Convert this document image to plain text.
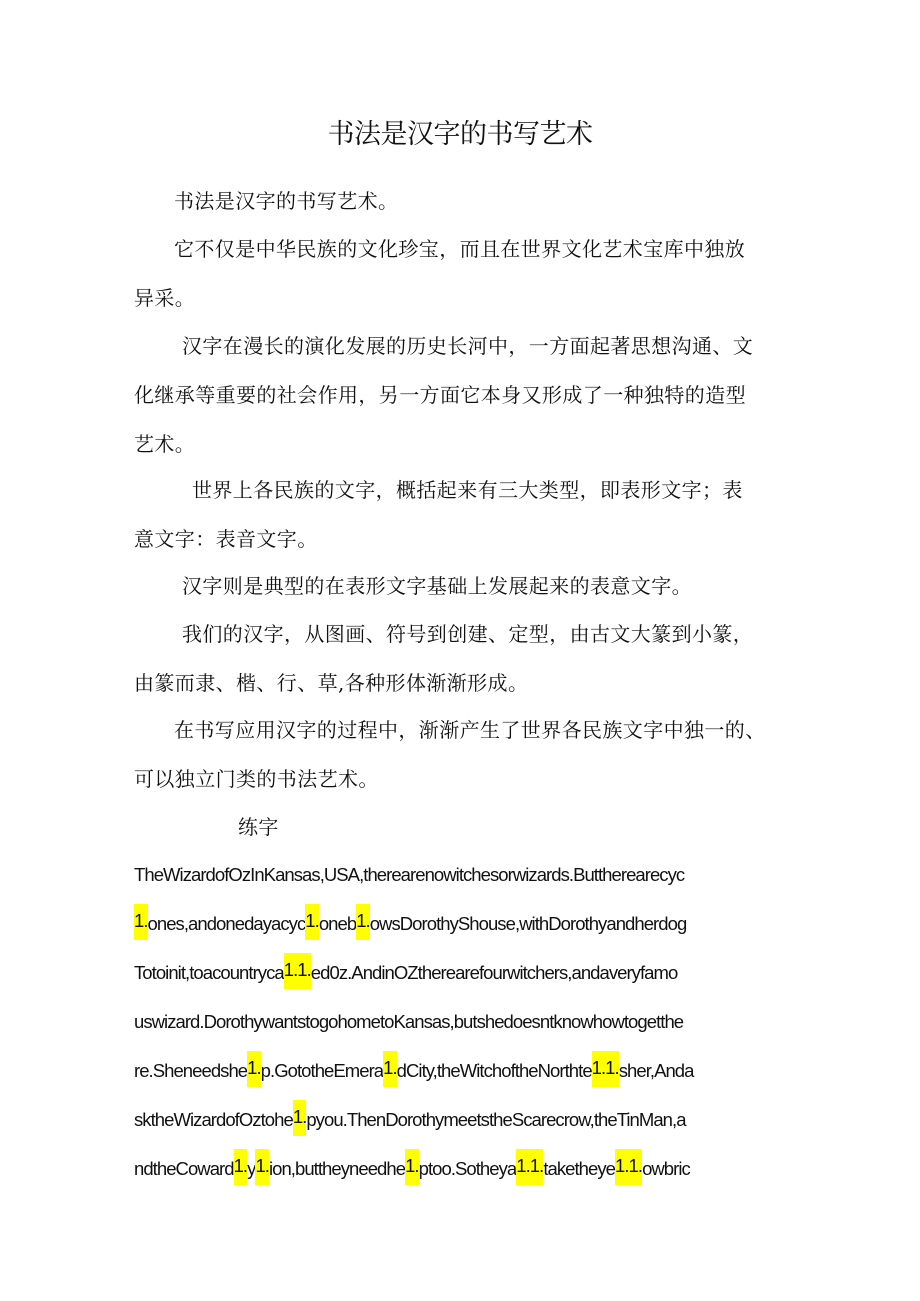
书法是汉字的书写艺术
书法是汉字的书写艺术。
它不仅是中华民族的文化珍宝，而且在世界文化艺术宝库中独放
异采。
汉字在漫长的演化发展的历史长河中，一方面起著思想沟通、文
化继承等重要的社会作用，另一方面它本身又形成了一种独特的造型
艺术。
世界上各民族的文字，概括起来有三大类型，即表形文字；表
意文字：表音文字。
汉字则是典型的在表形文字基础上发展起来的表意文字。
我们的汉字，从图画、符号到创建、定型，由古文大篆到小篆，
由篆而隶、楷、行、草,各种形体渐渐形成。
在书写应用汉字的过程中，渐渐产生了世界各民族文字中独一的、
可以独立门类的书法艺术。
练字
TheWizardofOzInKansas,USA,therearenowitchesorwizards.Buttherearecyc
1.ones,andonedayacyc1.oneb1.owsDorothyShouse,withDorothyandherdog
Totoinit,toacountryca1.1.ed0z.AndinOZtherearefourwitchers,andaveryfamo
uswizard.DorothywantstogohometoKansas,butshedoesntknowhowtogetthe
re.Sheneedshe1.p.GototheEmera1.dCity,theWitchoftheNorthte1.1.sher,Anda
sktheWizardofOztohe1.pyou.ThenDorothymeetstheScarecrow,theTinMan,a
ndtheCoward1.y1.ion,buttheyneedhe1.ptoo.Sotheya1.1.taketheye1.1.owbric
